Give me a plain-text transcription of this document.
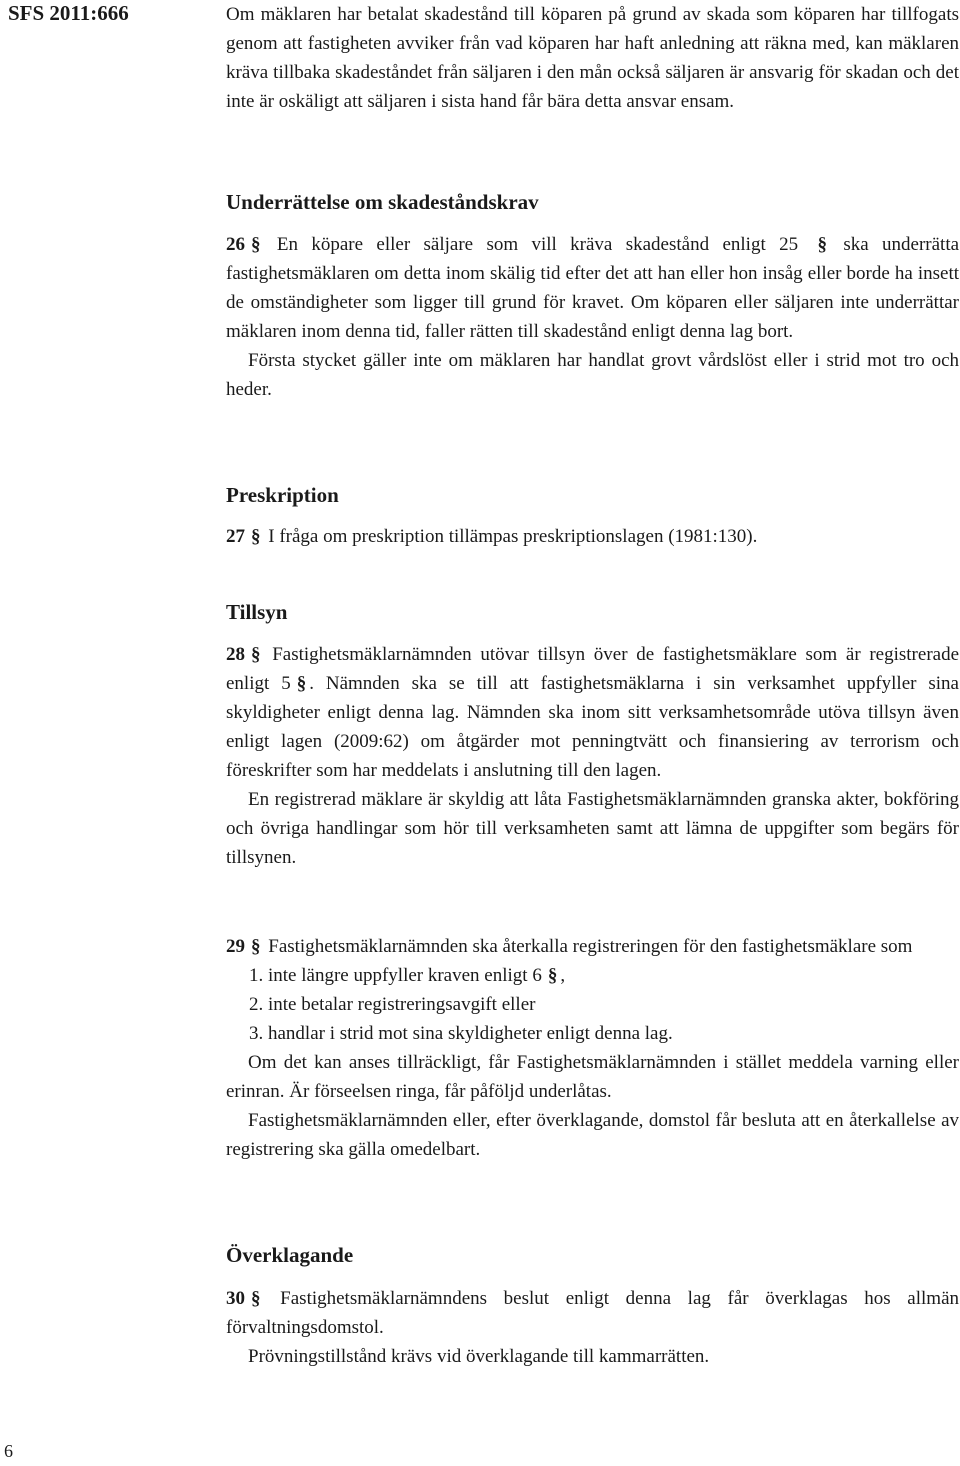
SFS 2011:666
6

Om mäklaren har betalat skadestånd till köparen på grund av skada som köparen har tillfogats genom att fastigheten avviker från vad köparen har haft anledning att räkna med, kan mäklaren kräva tillbaka skadeståndet från säljaren i den mån också säljaren är ansvarig för skadan och det inte är oskäligt att säljaren i sista hand får bära detta ansvar ensam.

Underrättelse om skadeståndskrav

26 § En köpare eller säljare som vill kräva skadestånd enligt 25 § ska underrätta fastighetsmäklaren om detta inom skälig tid efter det att han eller hon insåg eller borde ha insett de omständigheter som ligger till grund för kravet. Om köparen eller säljaren inte underrättar mäklaren inom denna tid, faller rätten till skadestånd enligt denna lag bort.

Första stycket gäller inte om mäklaren har handlat grovt vårdslöst eller i strid mot tro och heder.

Preskription

27 § I fråga om preskription tillämpas preskriptionslagen (1981:130).

Tillsyn

28 § Fastighetsmäklarnämnden utövar tillsyn över de fastighetsmäklare som är registrerade enligt 5 § . Nämnden ska se till att fastighetsmäklarna i sin verksamhet uppfyller sina skyldigheter enligt denna lag. Nämnden ska inom sitt verksamhetsområde utöva tillsyn även enligt lagen (2009:62) om åtgärder mot penningtvätt och finansiering av terrorism och föreskrifter som har meddelats i anslutning till den lagen.

En registrerad mäklare är skyldig att låta Fastighetsmäklarnämnden granska akter, bokföring och övriga handlingar som hör till verksamheten samt att lämna de uppgifter som begärs för tillsynen.

29 § Fastighetsmäklarnämnden ska återkalla registreringen för den fastighetsmäklare som

1. inte längre uppfyller kraven enligt 6 § ,

2. inte betalar registreringsavgift eller

3. handlar i strid mot sina skyldigheter enligt denna lag.

Om det kan anses tillräckligt, får Fastighetsmäklarnämnden i stället meddela varning eller erinran. Är förseelsen ringa, får påföljd underlåtas.

Fastighetsmäklarnämnden eller, efter överklagande, domstol får besluta att en återkallelse av registrering ska gälla omedelbart.

Överklagande

30 § Fastighetsmäklarnämndens beslut enligt denna lag får överklagas hos allmän förvaltningsdomstol.

Prövningstillstånd krävs vid överklagande till kammarrätten.
